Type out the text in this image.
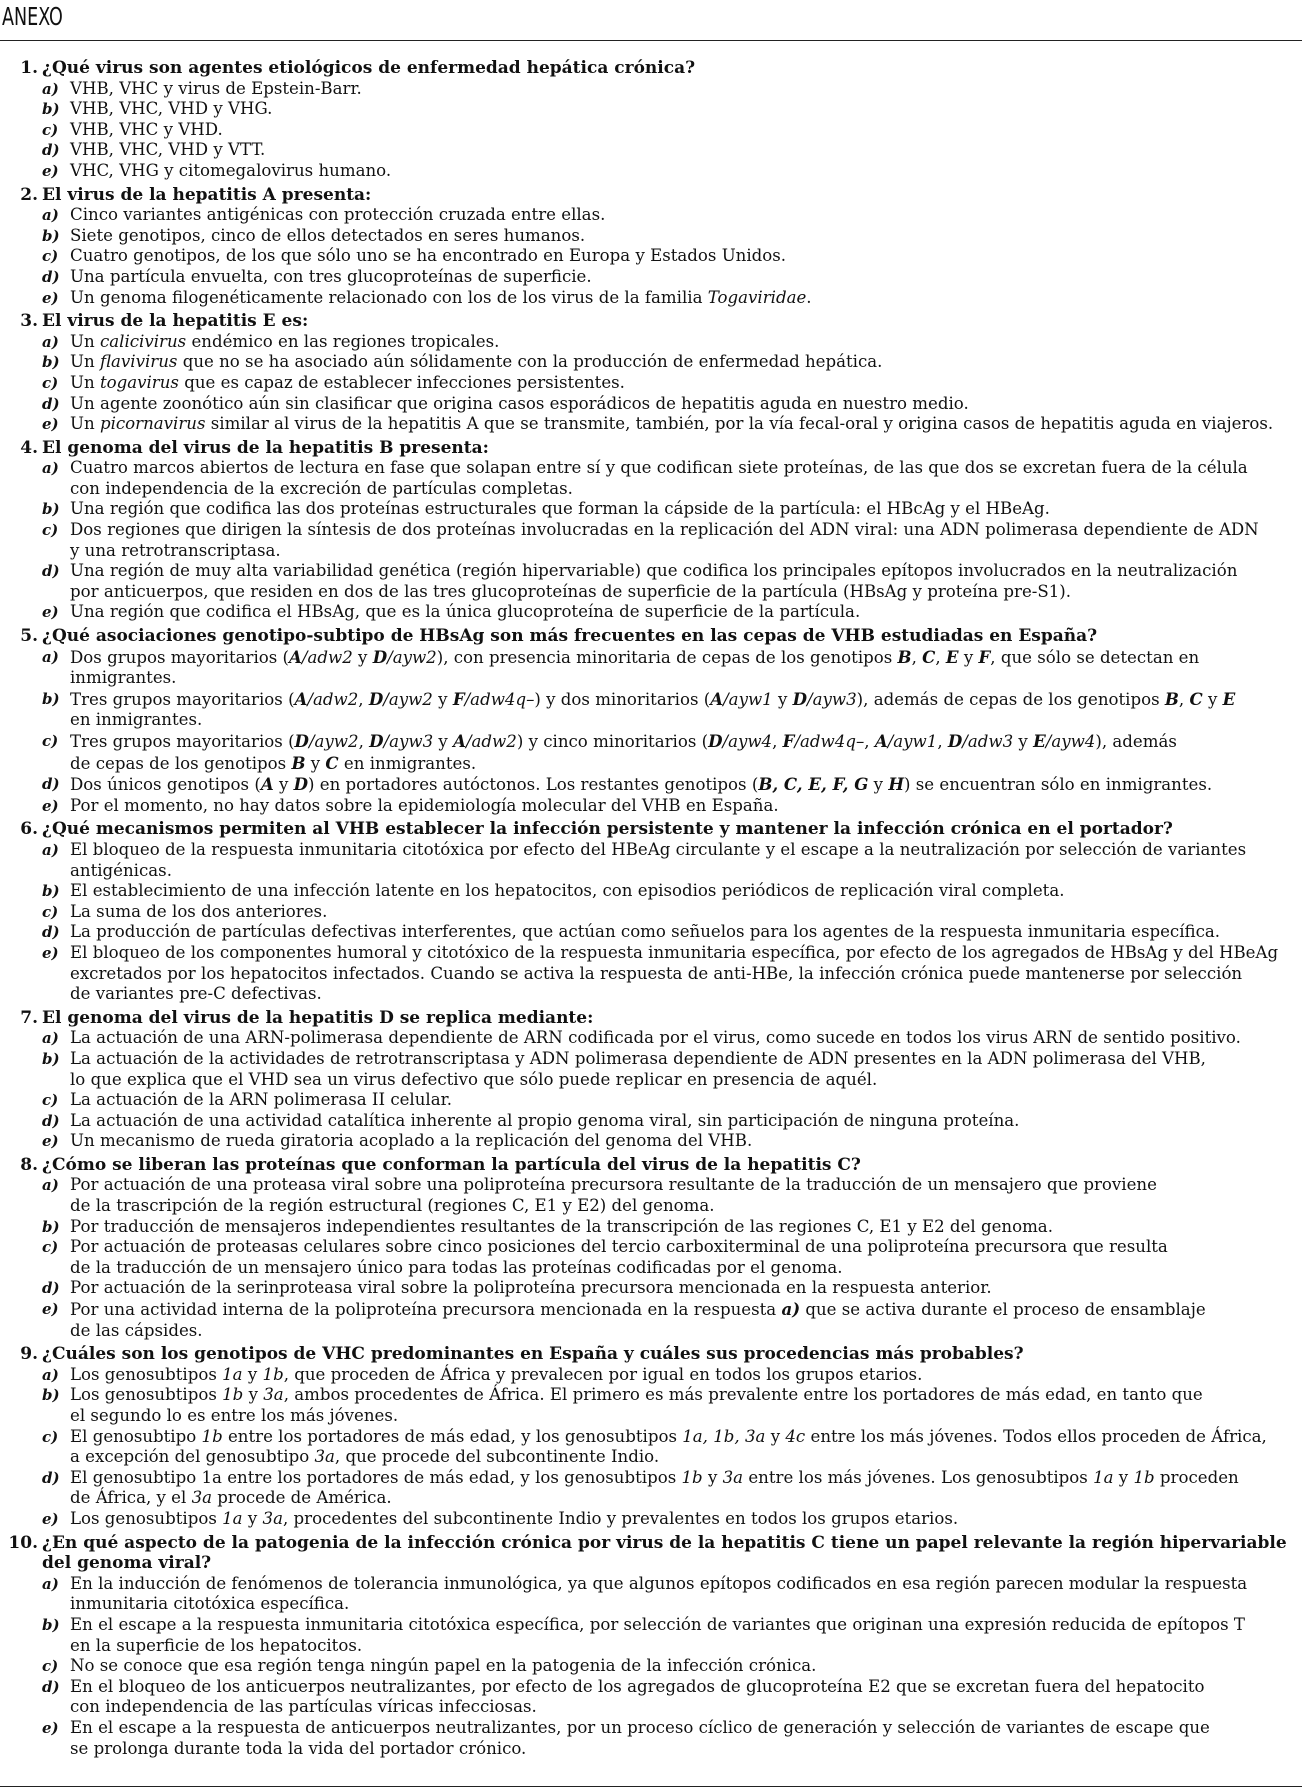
ANEXO
1. ¿Qué virus son agentes etiológicos de enfermedad hepática crónica?
a) VHB, VHC y virus de Epstein-Barr.
b) VHB, VHC, VHD y VHG.
c) VHB, VHC y VHD.
d) VHB, VHC, VHD y VTT.
e) VHC, VHG y citomegalovirus humano.
2. El virus de la hepatitis A presenta:
a) Cinco variantes antigénicas con protección cruzada entre ellas.
b) Siete genotipos, cinco de ellos detectados en seres humanos.
c) Cuatro genotipos, de los que sólo uno se ha encontrado en Europa y Estados Unidos.
d) Una partícula envuelta, con tres glucoproteínas de superficie.
e) Un genoma filogenéticamente relacionado con los de los virus de la familia Togaviridae.
3. El virus de la hepatitis E es:
a) Un calicivirus endémico en las regiones tropicales.
b) Un flavivirus que no se ha asociado aún sólidamente con la producción de enfermedad hepática.
c) Un togavirus que es capaz de establecer infecciones persistentes.
d) Un agente zoonótico aún sin clasificar que origina casos esporádicos de hepatitis aguda en nuestro medio.
e) Un picornavirus similar al virus de la hepatitis A que se transmite, también, por la vía fecal-oral y origina casos de hepatitis aguda en viajeros.
4. El genoma del virus de la hepatitis B presenta:
a) Cuatro marcos abiertos de lectura en fase que solapan entre sí y que codifican siete proteínas, de las que dos se excretan fuera de la célula
con independencia de la excreción de partículas completas.
b) Una región que codifica las dos proteínas estructurales que forman la cápside de la partícula: el HBcAg y el HBeAg.
c) Dos regiones que dirigen la síntesis de dos proteínas involucradas en la replicación del ADN viral: una ADN polimerasa dependiente de ADN
y una retrotranscriptasa.
d) Una región de muy alta variabilidad genética (región hipervariable) que codifica los principales epítopos involucrados en la neutralización
por anticuerpos, que residen en dos de las tres glucoproteínas de superficie de la partícula (HBsAg y proteína pre-S1).
e) Una región que codifica el HBsAg, que es la única glucoproteína de superficie de la partícula.
5. ¿Qué asociaciones genotipo-subtipo de HBsAg son más frecuentes en las cepas de VHB estudiadas en España?
a) Dos grupos mayoritarios (A/adw2 y D/ayw2), con presencia minoritaria de cepas de los genotipos B, C, E y F, que sólo se detectan en
inmigrantes.
b) Tres grupos mayoritarios (A/adw2, D/ayw2 y F/adw4q–) y dos minoritarios (A/ayw1 y D/ayw3), además de cepas de los genotipos B, C y E
en inmigrantes.
c) Tres grupos mayoritarios (D/ayw2, D/ayw3 y A/adw2) y cinco minoritarios (D/ayw4, F/adw4q–, A/ayw1, D/adw3 y E/ayw4), además
de cepas de los genotipos B y C en inmigrantes.
d) Dos únicos genotipos (A y D) en portadores autóctonos. Los restantes genotipos (B, C, E, F, G y H) se encuentran sólo en inmigrantes.
e) Por el momento, no hay datos sobre la epidemiología molecular del VHB en España.
6. ¿Qué mecanismos permiten al VHB establecer la infección persistente y mantener la infección crónica en el portador?
a) El bloqueo de la respuesta inmunitaria citotóxica por efecto del HBeAg circulante y el escape a la neutralización por selección de variantes
antigénicas.
b) El establecimiento de una infección latente en los hepatocitos, con episodios periódicos de replicación viral completa.
c) La suma de los dos anteriores.
d) La producción de partículas defectivas interferentes, que actúan como señuelos para los agentes de la respuesta inmunitaria específica.
e) El bloqueo de los componentes humoral y citotóxico de la respuesta inmunitaria específica, por efecto de los agregados de HBsAg y del HBeAg
excretados por los hepatocitos infectados. Cuando se activa la respuesta de anti-HBe, la infección crónica puede mantenerse por selección
de variantes pre-C defectivas.
7. El genoma del virus de la hepatitis D se replica mediante:
a) La actuación de una ARN-polimerasa dependiente de ARN codificada por el virus, como sucede en todos los virus ARN de sentido positivo.
b) La actuación de la actividades de retrotranscriptasa y ADN polimerasa dependiente de ADN presentes en la ADN polimerasa del VHB,
lo que explica que el VHD sea un virus defectivo que sólo puede replicar en presencia de aquél.
c) La actuación de la ARN polimerasa II celular.
d) La actuación de una actividad catalítica inherente al propio genoma viral, sin participación de ninguna proteína.
e) Un mecanismo de rueda giratoria acoplado a la replicación del genoma del VHB.
8. ¿Cómo se liberan las proteínas que conforman la partícula del virus de la hepatitis C?
a) Por actuación de una proteasa viral sobre una poliproteína precursora resultante de la traducción de un mensajero que proviene
de la trascripción de la región estructural (regiones C, E1 y E2) del genoma.
b) Por traducción de mensajeros independientes resultantes de la transcripción de las regiones C, E1 y E2 del genoma.
c) Por actuación de proteasas celulares sobre cinco posiciones del tercio carboxiterminal de una poliproteína precursora que resulta
de la traducción de un mensajero único para todas las proteínas codificadas por el genoma.
d) Por actuación de la serinproteasa viral sobre la poliproteína precursora mencionada en la respuesta anterior.
e) Por una actividad interna de la poliproteína precursora mencionada en la respuesta a) que se activa durante el proceso de ensamblaje
de las cápsides.
9. ¿Cuáles son los genotipos de VHC predominantes en España y cuáles sus procedencias más probables?
a) Los genosubtipos 1a y 1b, que proceden de África y prevalecen por igual en todos los grupos etarios.
b) Los genosubtipos 1b y 3a, ambos procedentes de África. El primero es más prevalente entre los portadores de más edad, en tanto que
el segundo lo es entre los más jóvenes.
c) El genosubtipo 1b entre los portadores de más edad, y los genosubtipos 1a, 1b, 3a y 4c entre los más jóvenes. Todos ellos proceden de África,
a excepción del genosubtipo 3a, que procede del subcontinente Indio.
d) El genosubtipo 1a entre los portadores de más edad, y los genosubtipos 1b y 3a entre los más jóvenes. Los genosubtipos 1a y 1b proceden
de África, y el 3a procede de América.
e) Los genosubtipos 1a y 3a, procedentes del subcontinente Indio y prevalentes en todos los grupos etarios.
10. ¿En qué aspecto de la patogenia de la infección crónica por virus de la hepatitis C tiene un papel relevante la región hipervariable
del genoma viral?
a) En la inducción de fenómenos de tolerancia inmunológica, ya que algunos epítopos codificados en esa región parecen modular la respuesta
inmunitaria citotóxica específica.
b) En el escape a la respuesta inmunitaria citotóxica específica, por selección de variantes que originan una expresión reducida de epítopos T
en la superficie de los hepatocitos.
c) No se conoce que esa región tenga ningún papel en la patogenia de la infección crónica.
d) En el bloqueo de los anticuerpos neutralizantes, por efecto de los agregados de glucoproteína E2 que se excretan fuera del hepatocito
con independencia de las partículas víricas infecciosas.
e) En el escape a la respuesta de anticuerpos neutralizantes, por un proceso cíclico de generación y selección de variantes de escape que
se prolonga durante toda la vida del portador crónico.
